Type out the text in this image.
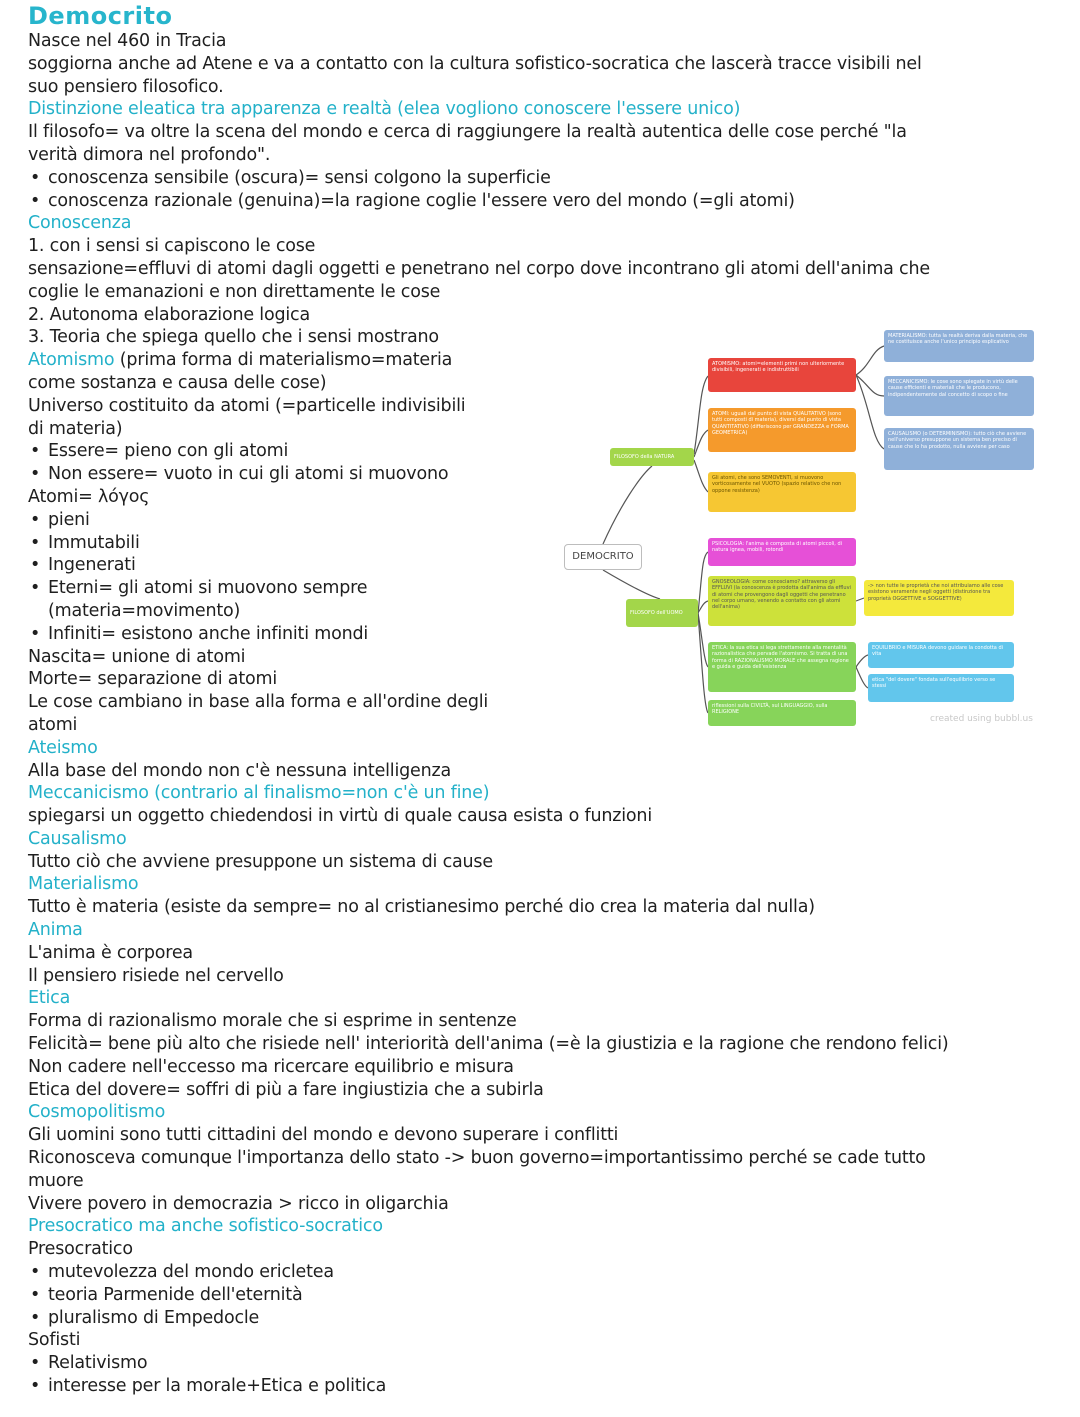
Democrito
Nasce nel 460 in Tracia
soggiorna anche ad Atene e va a contatto con la cultura sofistico-socratica che lascerà tracce visibili nel
suo pensiero filosofico.
Distinzione eleatica tra apparenza e realtà (elea vogliono conoscere l'essere unico)
Il filosofo= va oltre la scena del mondo e cerca di raggiungere la realtà autentica delle cose perché "la
verità dimora nel profondo".
• conoscenza sensibile (oscura)= sensi colgono la superficie
• conoscenza razionale (genuina)=la ragione coglie l'essere vero del mondo (=gli atomi)
Conoscenza
1. con i sensi si capiscono le cose
sensazione=effluvi di atomi dagli oggetti e penetrano nel corpo dove incontrano gli atomi dell'anima che
coglie le emanazioni e non direttamente le cose
2. Autonoma elaborazione logica
3. Teoria che spiega quello che i sensi mostrano
Atomismo (prima forma di materialismo=materia
come sostanza e causa delle cose)
Universo costituito da atomi (=particelle indivisibili
di materia)
• Essere= pieno con gli atomi
• Non essere= vuoto in cui gli atomi si muovono
Atomi= λόγος
• pieni
• Immutabili
• Ingenerati
• Eterni= gli atomi si muovono sempre
(materia=movimento)
• Infiniti= esistono anche infiniti mondi
Nascita= unione di atomi
Morte= separazione di atomi
Le cose cambiano in base alla forma e all'ordine degli
atomi
Ateismo
Alla base del mondo non c'è nessuna intelligenza
Meccanicismo (contrario al finalismo=non c'è un fine)
spiegarsi un oggetto chiedendosi in virtù di quale causa esista o funzioni
Causalismo
Tutto ciò che avviene presuppone un sistema di cause
Materialismo
Tutto è materia (esiste da sempre= no al cristianesimo perché dio crea la materia dal nulla)
Anima
L'anima è corporea
Il pensiero risiede nel cervello
Etica
Forma di razionalismo morale che si esprime in sentenze
Felicità= bene più alto che risiede nell' interiorità dell'anima (=è la giustizia e la ragione che rendono felici)
Non cadere nell'eccesso ma ricercare equilibrio e misura
Etica del dovere= soffri di più a fare ingiustizia che a subirla
Cosmopolitismo
Gli uomini sono tutti cittadini del mondo e devono superare i conflitti
Riconosceva comunque l'importanza dello stato -> buon governo=importantissimo perché se cade tutto
muore
Vivere povero in democrazia > ricco in oligarchia
Presocratico ma anche sofistico-socratico
Presocratico
• mutevolezza del mondo ericletea
• teoria Parmenide dell'eternità
• pluralismo di Empedocle
Sofisti
• Relativismo
• interesse per la morale+Etica e politica
DEMOCRITO
FILOSOFO della NATURA
FILOSOFO dell'UOMO
ATOMISMO: atomi=elementi primi non ulteriormente divisibili, ingenerati e indistruttibili
ATOMI: uguali dal punto di vista QUALITATIVO (sono tutti composti di materia), diversi dal punto di vista QUANTITATIVO (differiscono per GRANDEZZA e FORMA GEOMETRICA)
Gli atomi, che sono SEMOVENTI, si muovono vorticosamente nel VUOTO (spazio relativo che non oppone resistenza)
MATERIALISMO: tutta la realtà deriva dalla materia, che ne costituisce anche l'unico principio esplicativo
MECCANICISMO: le cose sono spiegate in virtù delle cause efficienti e materiali che le producono, indipendentemente dal concetto di scopo o fine
CAUSALISMO (o DETERMINISMO): tutto ciò che avviene nell'universo presuppone un sistema ben preciso di cause che lo ha prodotto, nulla avviene per caso
PSICOLOGIA: l'anima è composta di atomi piccoli, di natura ignea, mobili, rotondi
GNOSEOLOGIA: come conosciamo? attraverso gli EFFLUVI (la conoscenza è prodotta dall'anima da effluvi di atomi che provengono dagli oggetti che penetrano nel corpo umano, venendo a contatto con gli atomi dell'anima)
-> non tutte le proprietà che noi attribuiamo alle cose esistono veramente negli oggetti (distinzione tra proprietà OGGETTIVE e SOGGETTIVE)
ETICA: la sua etica si lega strettamente alla mentalità razionalistica che pervade l'atomismo. Si tratta di una forma di RAZIONALISMO MORALE che assegna ragione e guida e guida dell'esistenza
EQUILIBRIO e MISURA devono guidare la condotta di vita
etica "del dovere" fondata sull'equilibrio verso se stessi
riflessioni sulla CIVILTÀ, sul LINGUAGGIO, sulla RELIGIONE
created using bubbl.us
